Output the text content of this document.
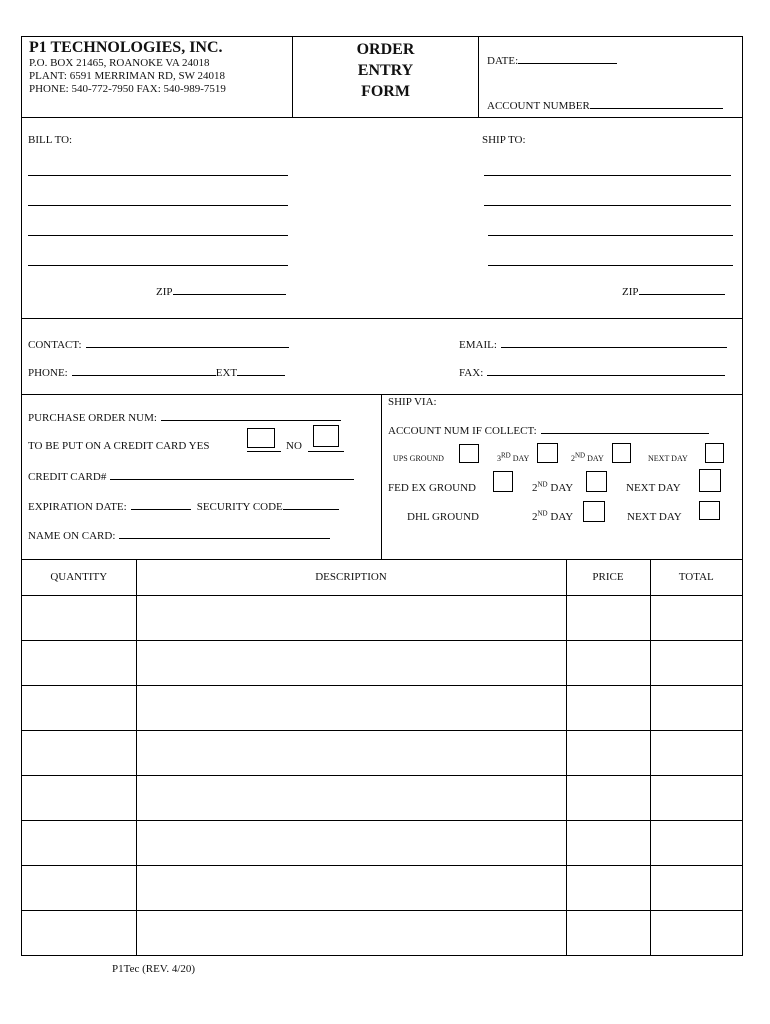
P1 TECHNOLOGIES, INC.
P.O. BOX 21465, ROANOKE VA 24018
PLANT: 6591 MERRIMAN RD, SW 24018
PHONE: 540-772-7950 FAX: 540-989-7519
ORDER
ENTRY
FORM
DATE:
ACCOUNT NUMBER
BILL TO:	SHIP TO:
ZIP	ZIP
CONTACT:	EMAIL:
PHONE:	EXT	FAX:
PURCHASE ORDER NUM:
TO BE PUT ON A CREDIT CARD YES	NO
CREDIT CARD#
EXPIRATION DATE:	SECURITY CODE
NAME ON CARD:
SHIP VIA:
ACCOUNT NUM IF COLLECT:
UPS GROUND	3RD DAY	2ND DAY	NEXT DAY
FED EX GROUND	2ND DAY	NEXT DAY
DHL GROUND	2ND DAY	NEXT DAY
QUANTITY	DESCRIPTION	PRICE	TOTAL

P1Tec (REV. 4/20)
